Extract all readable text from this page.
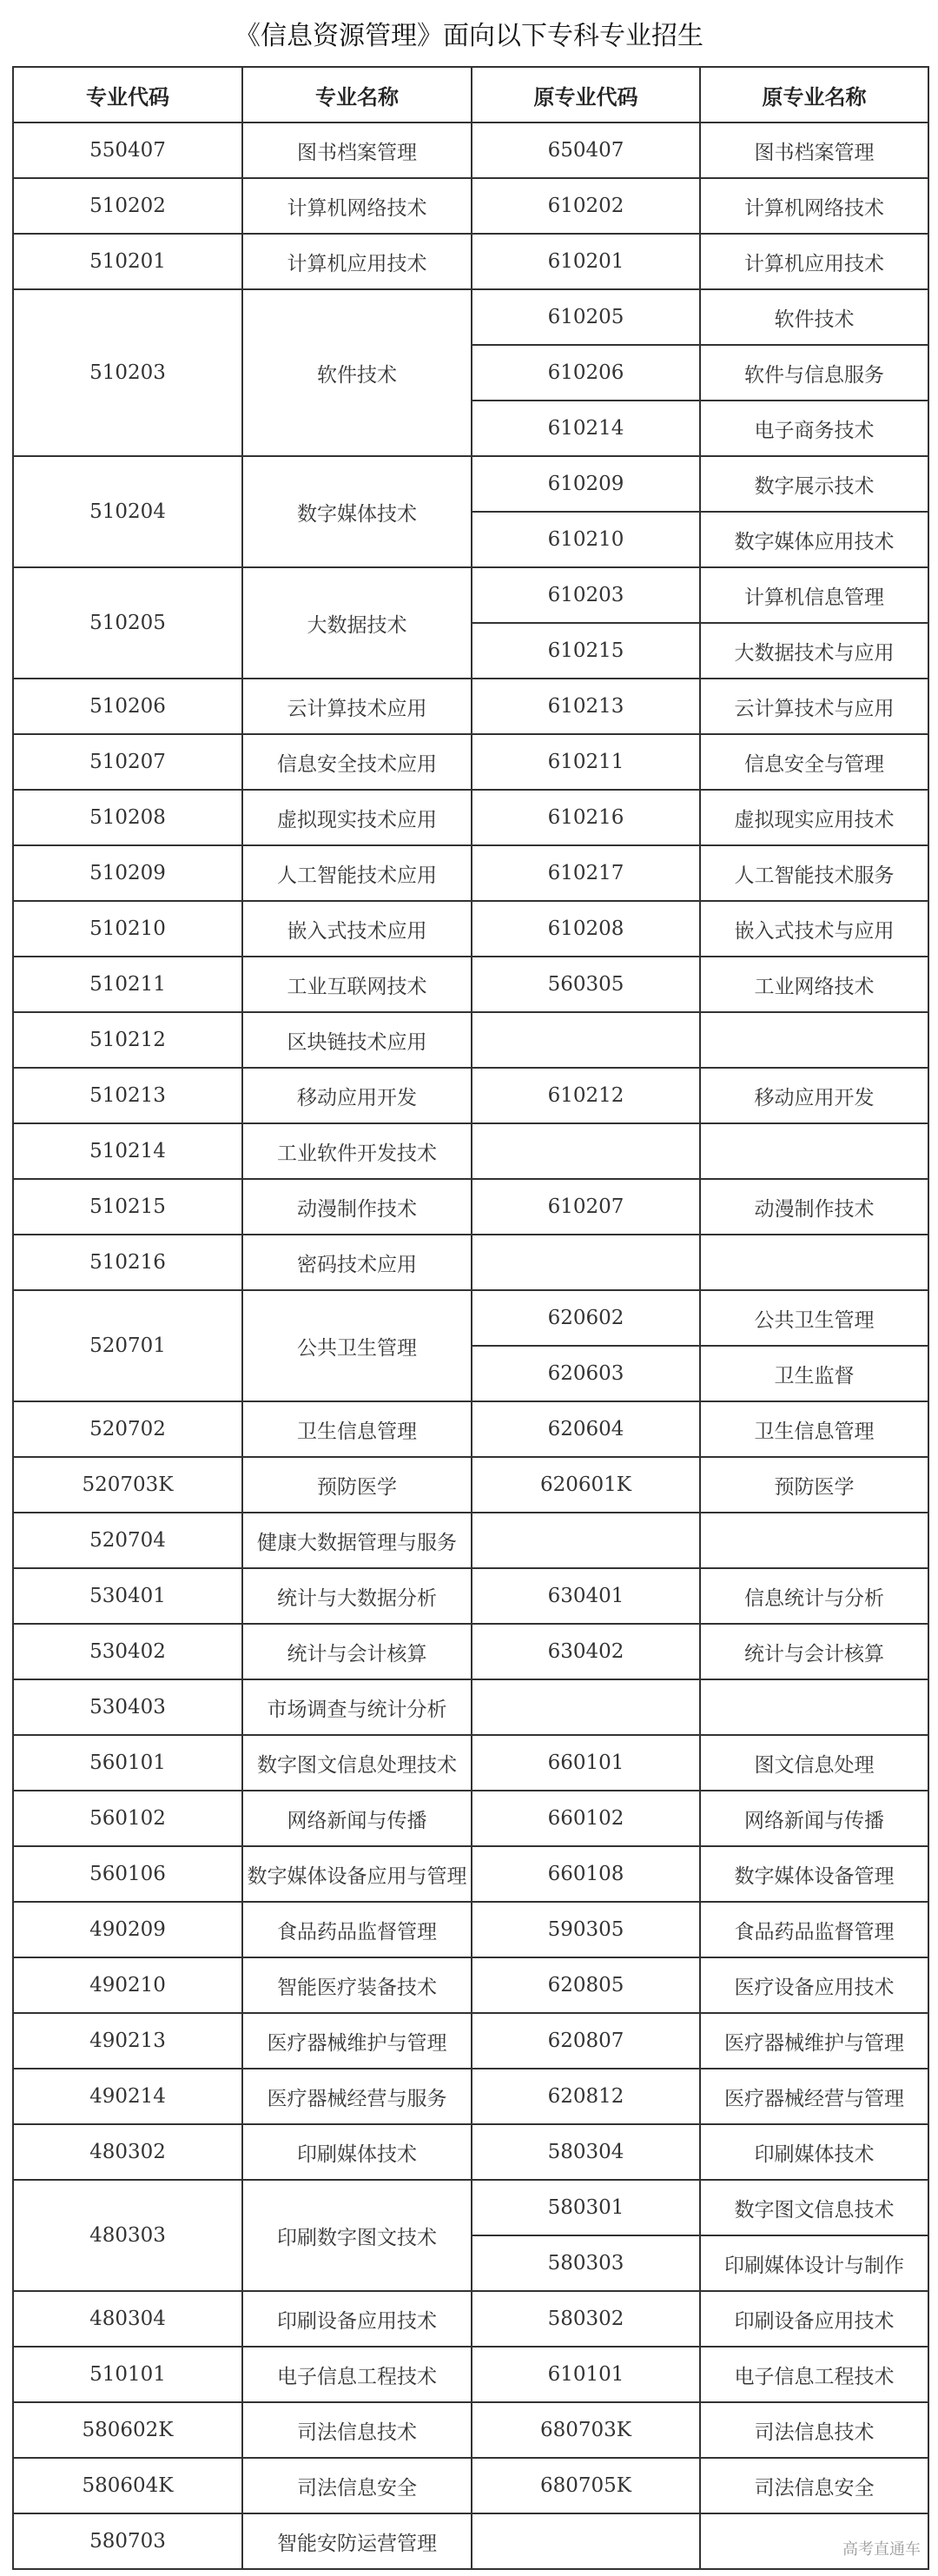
《信息资源管理》面向以下专科专业招生
专业代码	专业名称	原专业代码	原专业名称
550407	图书档案管理	650407	图书档案管理
510202	计算机网络技术	610202	计算机网络技术
510201	计算机应用技术	610201	计算机应用技术
510203	软件技术	610205	软件技术
		610206	软件与信息服务
		610214	电子商务技术
510204	数字媒体技术	610209	数字展示技术
		610210	数字媒体应用技术
510205	大数据技术	610203	计算机信息管理
		610215	大数据技术与应用
510206	云计算技术应用	610213	云计算技术与应用
510207	信息安全技术应用	610211	信息安全与管理
510208	虚拟现实技术应用	610216	虚拟现实应用技术
510209	人工智能技术应用	610217	人工智能技术服务
510210	嵌入式技术应用	610208	嵌入式技术与应用
510211	工业互联网技术	560305	工业网络技术
510212	区块链技术应用		
510213	移动应用开发	610212	移动应用开发
510214	工业软件开发技术		
510215	动漫制作技术	610207	动漫制作技术
510216	密码技术应用		
520701	公共卫生管理	620602	公共卫生管理
		620603	卫生监督
520702	卫生信息管理	620604	卫生信息管理
520703K	预防医学	620601K	预防医学
520704	健康大数据管理与服务		
530401	统计与大数据分析	630401	信息统计与分析
530402	统计与会计核算	630402	统计与会计核算
530403	市场调查与统计分析		
560101	数字图文信息处理技术	660101	图文信息处理
560102	网络新闻与传播	660102	网络新闻与传播
560106	数字媒体设备应用与管理	660108	数字媒体设备管理
490209	食品药品监督管理	590305	食品药品监督管理
490210	智能医疗装备技术	620805	医疗设备应用技术
490213	医疗器械维护与管理	620807	医疗器械维护与管理
490214	医疗器械经营与服务	620812	医疗器械经营与管理
480302	印刷媒体技术	580304	印刷媒体技术
480303	印刷数字图文技术	580301	数字图文信息技术
		580303	印刷媒体设计与制作
480304	印刷设备应用技术	580302	印刷设备应用技术
510101	电子信息工程技术	610101	电子信息工程技术
580602K	司法信息技术	680703K	司法信息技术
580604K	司法信息安全	680705K	司法信息安全
580703	智能安防运营管理			高考直通车
